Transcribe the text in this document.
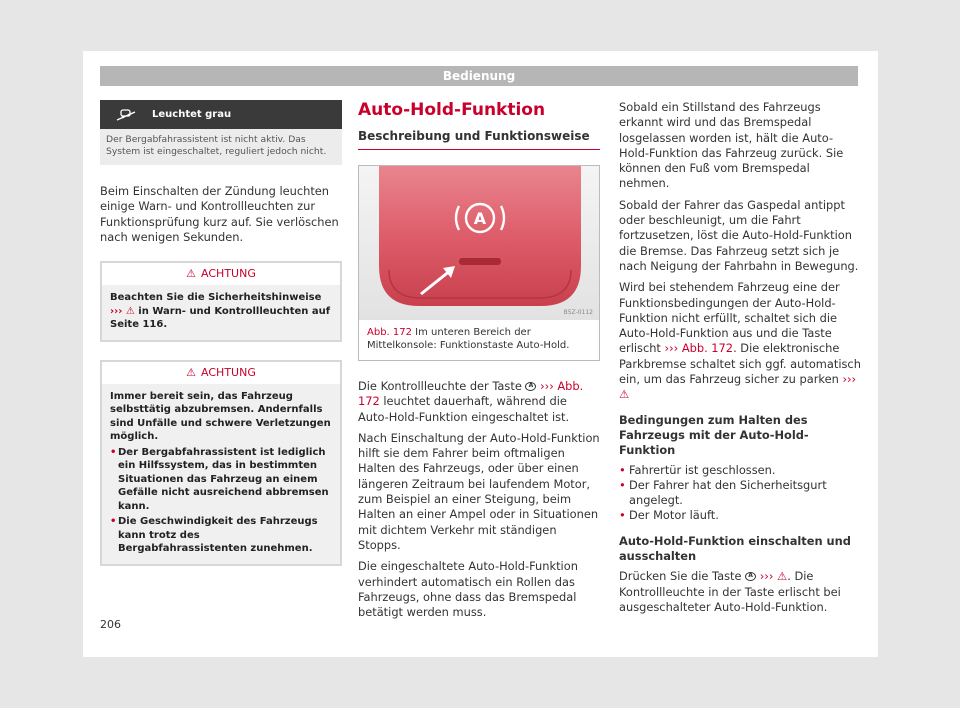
Bedienung
Leuchtet grau
Der Bergabfahrassistent ist nicht aktiv. Das System ist eingeschaltet, reguliert jedoch nicht.

Beim Einschalten der Zündung leuchten einige Warn- und Kontrollleuchten zur Funktionsprüfung kurz auf. Sie verlöschen nach wenigen Sekunden.

⚠ ACHTUNG
Beachten Sie die Sicherheitshinweise ››› ⚠ in Warn- und Kontrollleuchten auf Seite 116.
⚠ ACHTUNG
Immer bereit sein, das Fahrzeug selbsttätig abzubremsen. Andernfalls sind Unfälle und schwere Verletzungen möglich.
• Der Bergabfahrassistent ist lediglich ein Hilfssystem, das in bestimmten Situationen das Fahrzeug an einem Gefälle nicht ausreichend abbremsen kann.
• Die Geschwindigkeit des Fahrzeugs kann trotz des Bergabfahrassistenten zunehmen.
Auto-Hold-Funktion
Beschreibung und Funktionsweise
A
B5Z-0112
Abb. 172 Im unteren Bereich der Mittelkonsole: Funktionstaste Auto-Hold.

Die Kontrollleuchte der Taste A ››› Abb. 172 leuchtet dauerhaft, während die Auto-Hold-Funktion eingeschaltet ist.

Nach Einschaltung der Auto-Hold-Funktion hilft sie dem Fahrer beim oftmaligen Halten des Fahrzeugs, oder über einen längeren Zeitraum bei laufendem Motor, zum Beispiel an einer Steigung, beim Halten an einer Ampel oder in Situationen mit dichtem Verkehr mit ständigen Stopps.

Die eingeschaltete Auto-Hold-Funktion verhindert automatisch ein Rollen das Fahrzeugs, ohne dass das Bremspedal betätigt werden muss.

Sobald ein Stillstand des Fahrzeugs erkannt wird und das Bremspedal losgelassen worden ist, hält die Auto-Hold-Funktion das Fahrzeug zurück. Sie können den Fuß vom Bremspedal nehmen.

Sobald der Fahrer das Gaspedal antippt oder beschleunigt, um die Fahrt fortzusetzen, löst die Auto-Hold-Funktion die Bremse. Das Fahrzeug setzt sich je nach Neigung der Fahrbahn in Bewegung.

Wird bei stehendem Fahrzeug eine der Funktionsbedingungen der Auto-Hold-Funktion nicht erfüllt, schaltet sich die Auto-Hold-Funktion aus und die Taste erlischt ››› Abb. 172. Die elektronische Parkbremse schaltet sich ggf. automatisch ein, um das Fahrzeug sicher zu parken ››› ⚠

Bedingungen zum Halten des Fahrzeugs mit der Auto-Hold-Funktion

• Fahrertür ist geschlossen.
• Der Fahrer hat den Sicherheitsgurt angelegt.
• Der Motor läuft.

Auto-Hold-Funktion einschalten und ausschalten

Drücken Sie die Taste A ››› ⚠. Die Kontrollleuchte in der Taste erlischt bei ausgeschalteter Auto-Hold-Funktion.

206
